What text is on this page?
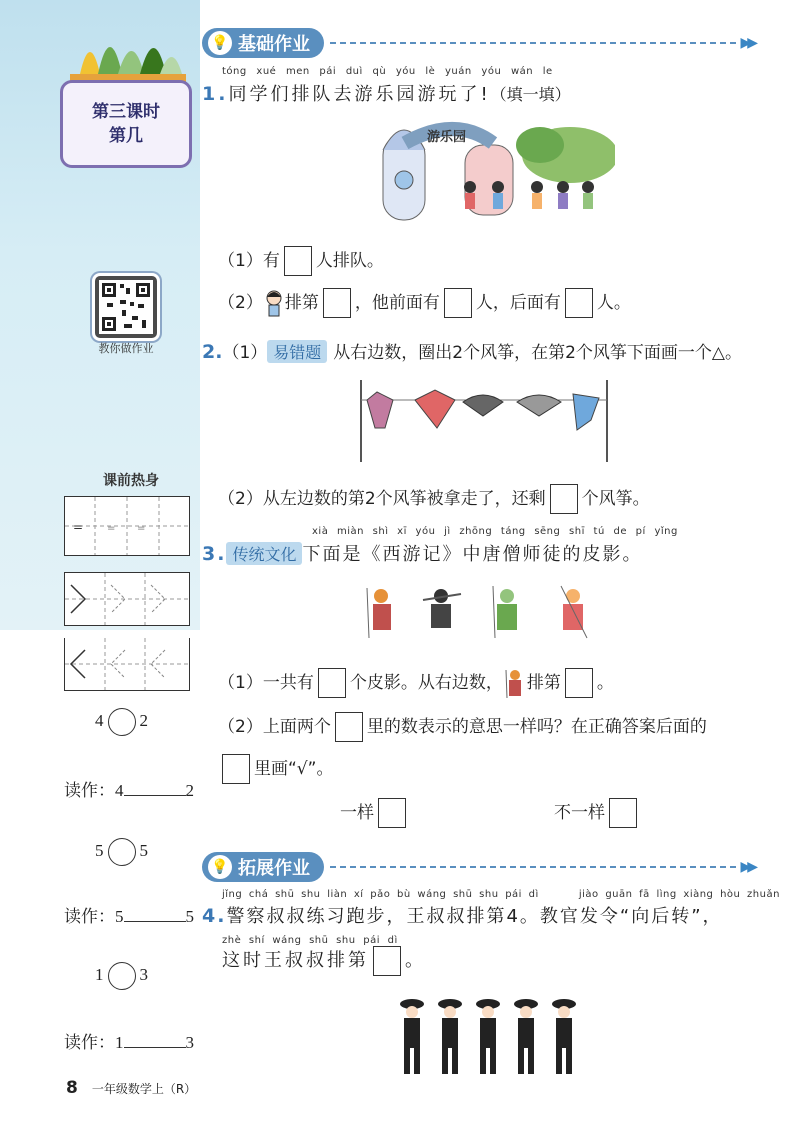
第三课时
第几
教你做作业
课前热身
= = =
4 2
读作：4	2
5 5
读作：5	5
1 3
读作：1	3
💡 基础作业	▶▶
tóng xué men pái duì qù yóu lè yuán yóu wán le
1.同学们排队去游乐园游玩了!（填一填）
游乐园
（1）有 人排队。
（2） 排第 ，他前面有 人，后面有 人。
2.（1） 易错题 从右边数，圈出2个风筝，在第2个风筝下面画一个△。
（2）从左边数的第2个风筝被拿走了，还剩 个风筝。
xià miàn shì xī yóu jì zhōng táng sēng shī tú de pí yǐng
3. 传统文化 下面是《西游记》中唐僧师徒的皮影。
（1）一共有 个皮影。从右边数， 排第 。
（2）上面两个 里的数表示的意思一样吗？在正确答案后面的
里画“√”。
一样	不一样
💡 拓展作业	▶▶
jǐng chá shū shu liàn xí pǎo bù wáng shū shu pái dì      jiào guān fā lìng xiàng hòu zhuǎn
4.警察叔叔练习跑步，王叔叔排第4。教官发令“向后转”，
zhè shí wáng shū shu pái dì
这时王叔叔排第 。
8 一年级数学上（R）
